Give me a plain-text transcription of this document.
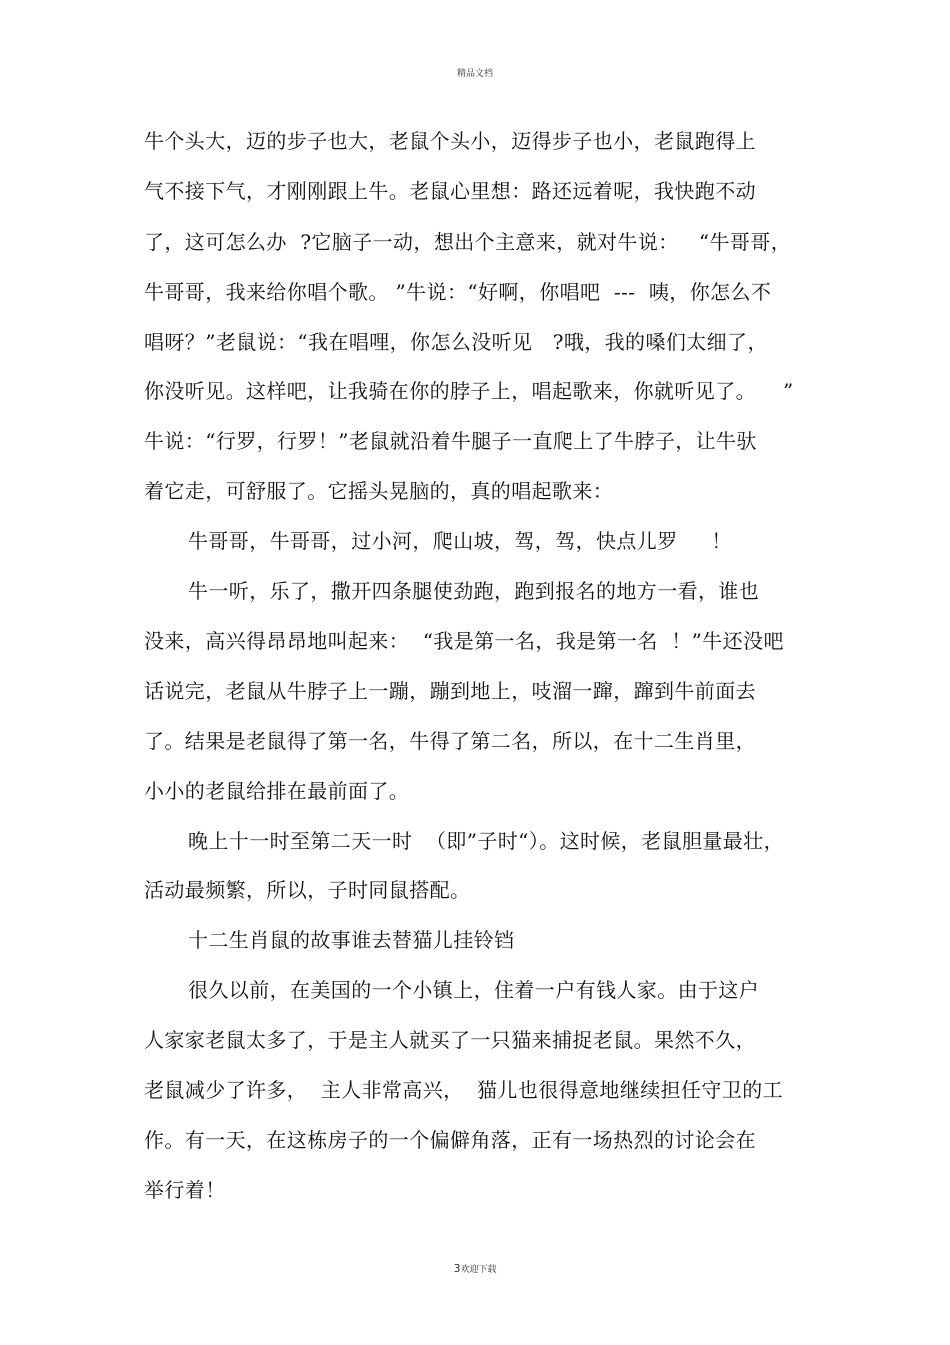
精品文档
牛个头大，迈的步子也大，老鼠个头小，迈得步子也小，老鼠跑得上
气不接下气，才刚刚跟上牛。老鼠心里想：路还远着呢，我快跑不动
了，这可怎么办  ?它脑子一动，想出个主意来，就对牛说：   “牛哥哥，
牛哥哥，我来给你唱个歌。 ”牛说：“好啊，你唱吧  ---  咦，你怎么不
唱呀？”老鼠说：“我在唱哩，你怎么没听见   ?哦，我的嗓们太细了，
你没听见。这样吧，让我骑在你的脖子上，唱起歌来，你就听见了。    ”
牛说：“行罗，行罗！”老鼠就沿着牛腿子一直爬上了牛脖子，让牛驮
着它走，可舒服了。它摇头晃脑的，真的唱起歌来：
牛哥哥，牛哥哥，过小河，爬山坡，驾，驾，快点儿罗     ！
牛一听，乐了，撒开四条腿使劲跑，跑到报名的地方一看，谁也
没来，高兴得昂昂地叫起来：  “我是第一名，我是第一名  ！”牛还没吧
话说完，老鼠从牛脖子上一蹦，蹦到地上，吱溜一蹿，蹿到牛前面去
了。结果是老鼠得了第一名，牛得了第二名，所以，在十二生肖里，
小小的老鼠给排在最前面了。
晚上十一时至第二天一时  （即”子时“）。这时候，老鼠胆量最壮，
活动最频繁，所以，子时同鼠搭配。
十二生肖鼠的故事谁去替猫儿挂铃铛
很久以前，在美国的一个小镇上，住着一户有钱人家。由于这户
人家家老鼠太多了，于是主人就买了一只猫来捕捉老鼠。果然不久，
老鼠减少了许多，  主人非常高兴，  猫儿也很得意地继续担任守卫的工
作。有一天，在这栋房子的一个偏僻角落，正有一场热烈的讨论会在
举行着！
3欢迎下载
